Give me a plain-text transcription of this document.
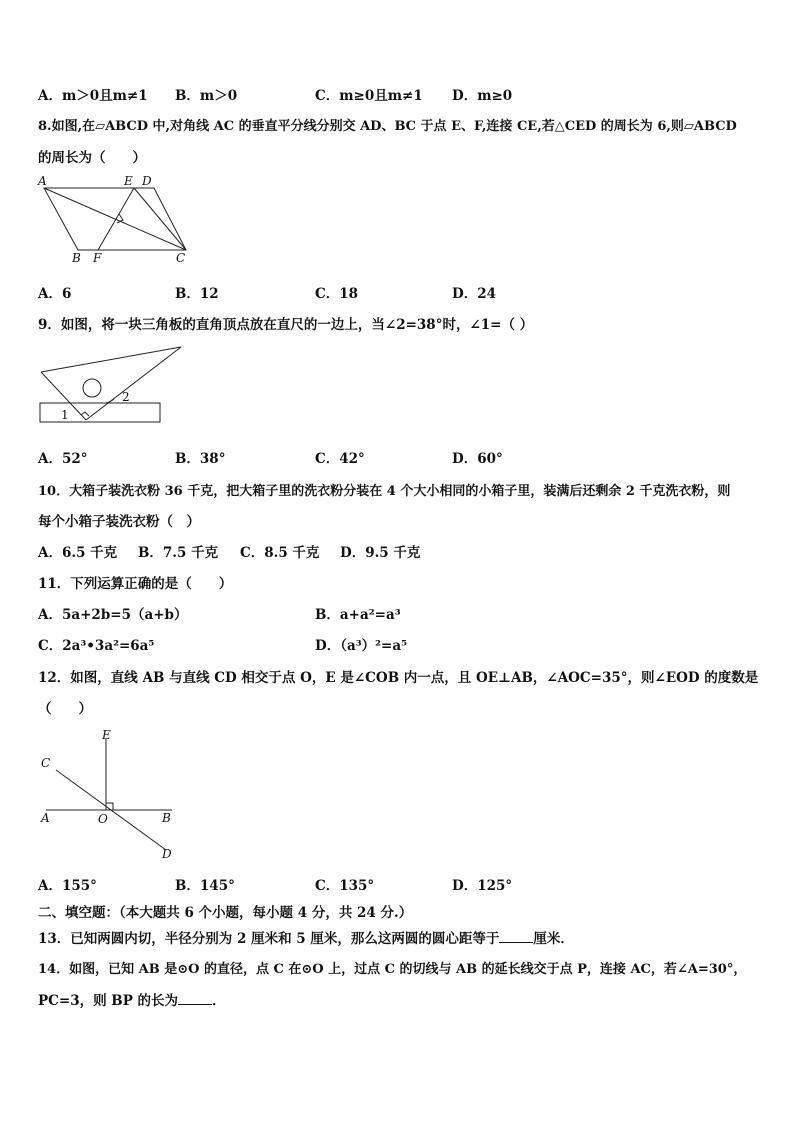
A．m＞0且m≠1 B．m＞0	C．m≥0且m≠1 D．m≥0
8.如图,在▱ABCD 中,对角线 AC 的垂直平分线分别交 AD、BC 于点 E、F,连接 CE,若△CED 的周长为 6,则▱ABCD
的周长为（　　）
A	E D
B F	C
A．6	B．12	C．18	D．24
9．如图，将一块三角板的直角顶点放在直尺的一边上，当∠2=38°时，∠1=（ ）
1
2
A．52°	B．38°	C．42°	D．60°
10．大箱子装洗衣粉 36 千克，把大箱子里的洗衣粉分装在 4 个大小相同的小箱子里，装满后还剩余 2 千克洗衣粉，则
每个小箱子装洗衣粉（　）
A．6.5 千克 B．7.5 千克 C．8.5 千克 D．9.5 千克
11．下列运算正确的是（　　）
A．5a+2b=5（a+b）	B．a+a²=a³
C．2a³•3a²=6a⁵	D．（a³）²=a⁵
12．如图，直线 AB 与直线 CD 相交于点 O，E 是∠COB 内一点，且 OE⊥AB，∠AOC=35°，则∠EOD 的度数是
（　　）
E
C
A	O	B
D
A．155°	B．145°	C．135°	D．125°
二、填空题：（本大题共 6 个小题，每小题 4 分，共 24 分.）
13．已知两圆内切，半径分别为 2 厘米和 5 厘米，那么这两圆的圆心距等于	厘米．
14．如图，已知 AB 是⊙O 的直径，点 C 在⊙O 上，过点 C 的切线与 AB 的延长线交于点 P，连接 AC，若∠A=30°，
PC=3，则 BP 的长为	．
